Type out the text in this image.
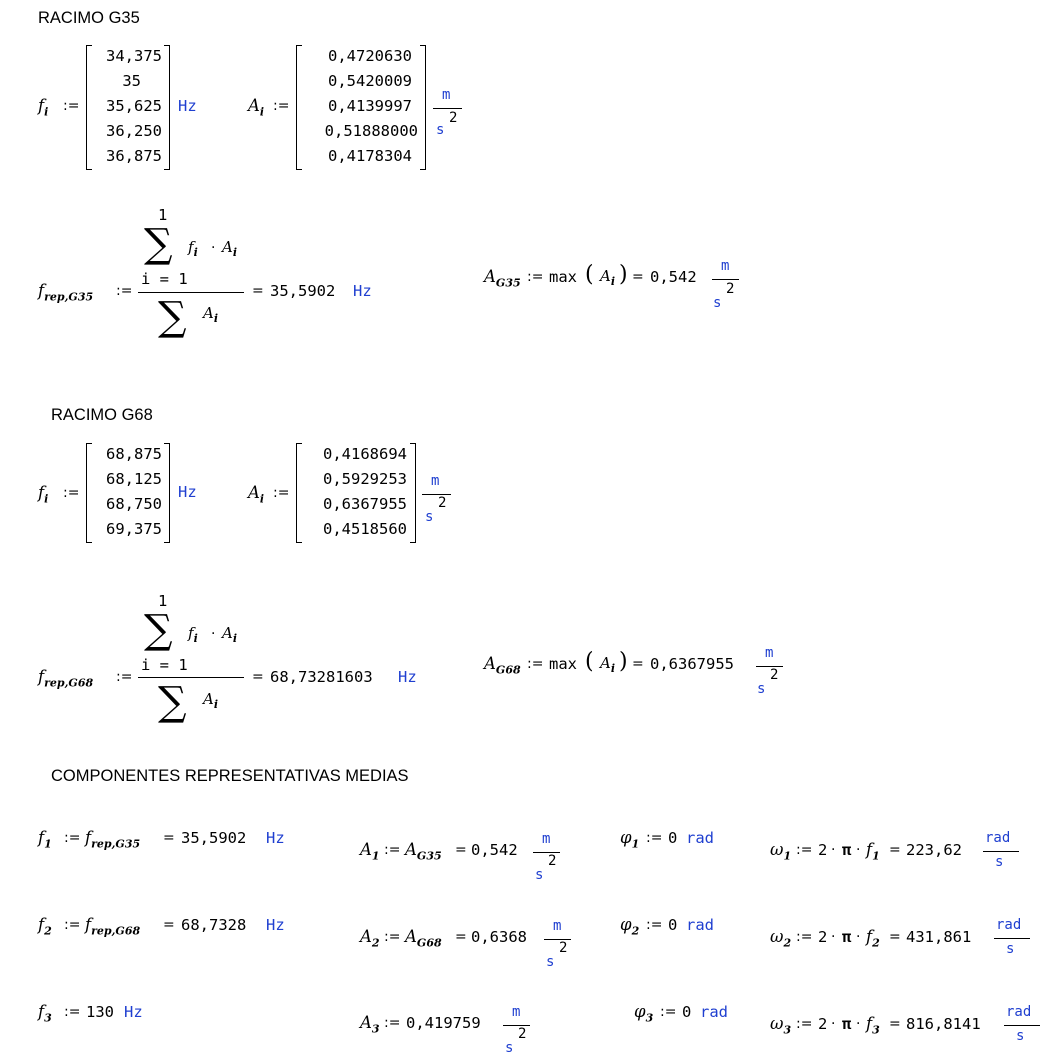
RACIMO G35
$f_i$ :=
34,375
35
35,625
36,250
36,875
Hz	$A_i$ :=
0,4720630
0,5420009
0,4139997
0,51888000
0,4178304
m
s
2
$f_{rep,G35}$ :=
1
∑ $f_i \cdot A_i$
i = 1
∑ $A_i$
= 35,5902 Hz
$A_{G35}$ := max ( $A_i$ ) = 0,542
m
s
2
RACIMO G68
$f_i$ :=
68,875
68,125
68,750
69,375
Hz	$A_i$ :=
0,4168694
0,5929253
0,6367955
0,4518560
m
s
2
$f_{rep,G68}$ :=
1
∑ $f_i \cdot A_i$
i = 1
∑ $A_i$
= 68,73281603 Hz
$A_{G68}$ := max ( $A_i$ ) = 0,6367955
m
s
2
COMPONENTES REPRESENTATIVAS MEDIAS
$f_1$ := $f_{rep,G35} = 35,5902$ Hz
$A_1$ := $A_{G35} = 0,542$
m
s
2
$\varphi_1$ := 0 rad
$\omega_1$ := $2 \cdot \pi \cdot f_1 = 223,62$
rad
s
$f_2$ := $f_{rep,G68} = 68,7328$ Hz
$A_2$ := $A_{G68} = 0,6368$
m
s
2
$\varphi_2$ := 0 rad
$\omega_2$ := $2 \cdot \pi \cdot f_2 = 431,861$
rad
s
$f_3$ := 130 Hz
$A_3$ := 0,419759
m
s
2
$\varphi_3$ := 0 rad
$\omega_3$ := $2 \cdot \pi \cdot f_3 = 816,8141$
rad
s
